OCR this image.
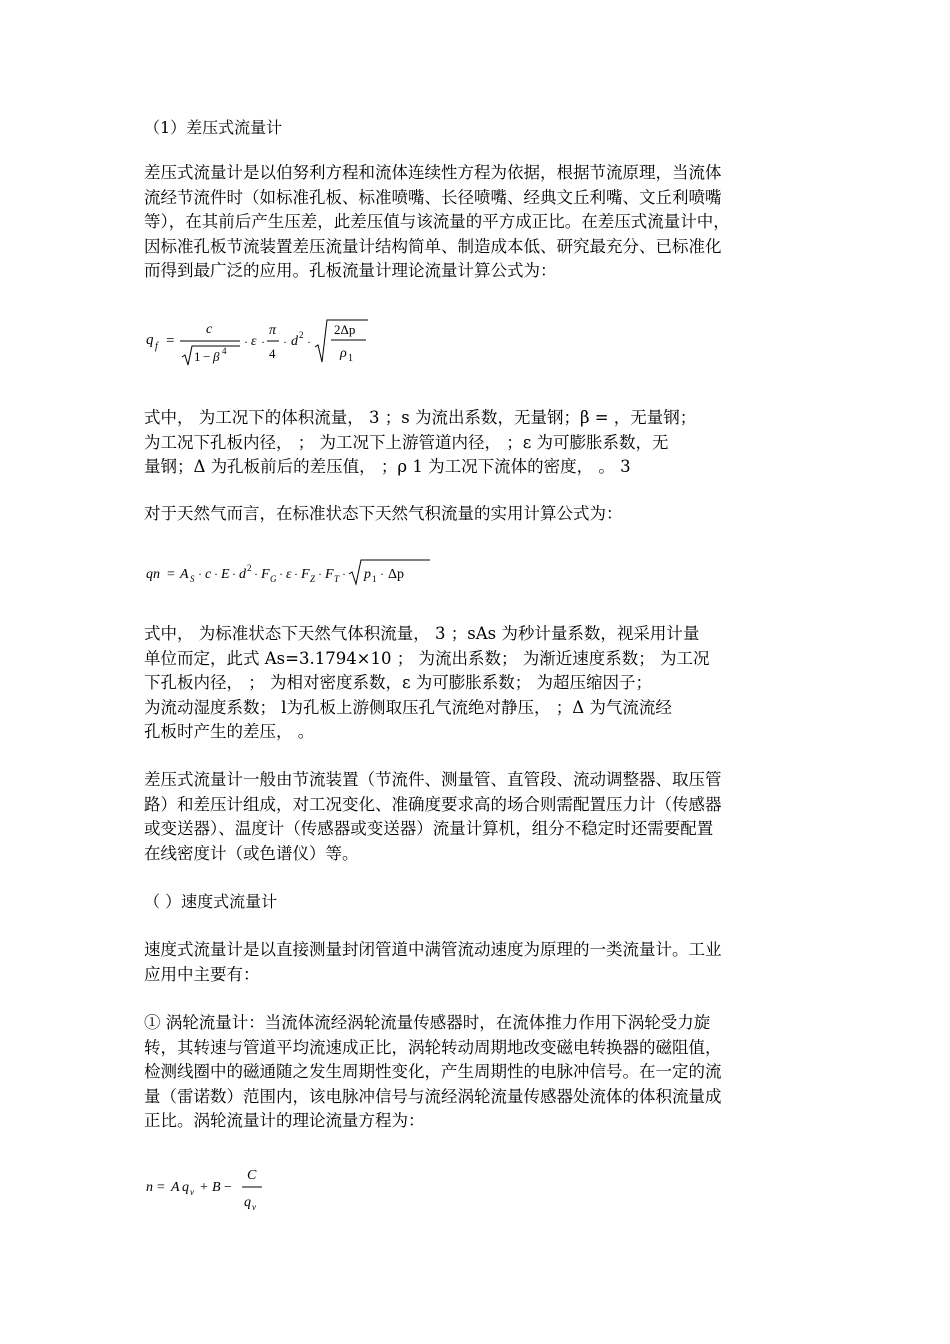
（1）差压式流量计
差压式流量计是以伯努利方程和流体连续性方程为依据，根据节流原理，当流体
流经节流件时（如标准孔板、标准喷嘴、长径喷嘴、经典文丘利嘴、文丘利喷嘴
等），在其前后产生压差，此差压值与该流量的平方成正比。在差压式流量计中，
因标准孔板节流装置差压流量计结构简单、制造成本低、研究最充分、已标准化
而得到最广泛的应用。孔板流量计理论流量计算公式为：
q f =
c
1 − β 4
· ε ·
π
4
· d 2 ·
2Δp
ρ 1
式中， 为工况下的体积流量， 3 ；s 为流出系数，无量钢；β = ，无量钢；
为工况下孔板内径， ； 为工况下上游管道内径， ；ε 为可膨胀系数，无
量钢；Δ 为孔板前后的差压值， ；ρ 1 为工况下流体的密度， 。 3
对于天然气而言，在标准状态下天然气积流量的实用计算公式为：
qn = A S · c · E · d 2 · F G · ε · F Z · F T · p 1 · Δp
式中， 为标准状态下天然气体积流量， 3 ；sAs 为秒计量系数，视采用计量
单位而定，此式 As=3.1794×10 ； 为流出系数； 为渐近速度系数； 为工况
下孔板内径， ； 为相对密度系数，ε 为可膨胀系数； 为超压缩因子；
为流动湿度系数； l为孔板上游侧取压孔气流绝对静压， ；Δ 为气流流经
孔板时产生的差压， 。
差压式流量计一般由节流装置（节流件、测量管、直管段、流动调整器、取压管
路）和差压计组成，对工况变化、准确度要求高的场合则需配置压力计（传感器
或变送器）、温度计（传感器或变送器）流量计算机，组分不稳定时还需要配置
在线密度计（或色谱仪）等。
（ ）速度式流量计
速度式流量计是以直接测量封闭管道中满管流动速度为原理的一类流量计。工业
应用中主要有：
① 涡轮流量计：当流体流经涡轮流量传感器时，在流体推力作用下涡轮受力旋
转，其转速与管道平均流速成正比，涡轮转动周期地改变磁电转换器的磁阻值，
检测线圈中的磁通随之发生周期性变化，产生周期性的电脉冲信号。在一定的流
量（雷诺数）范围内，该电脉冲信号与流经涡轮流量传感器处流体的体积流量成
正比。涡轮流量计的理论流量方程为：
n = A q v + B −
C
q v
